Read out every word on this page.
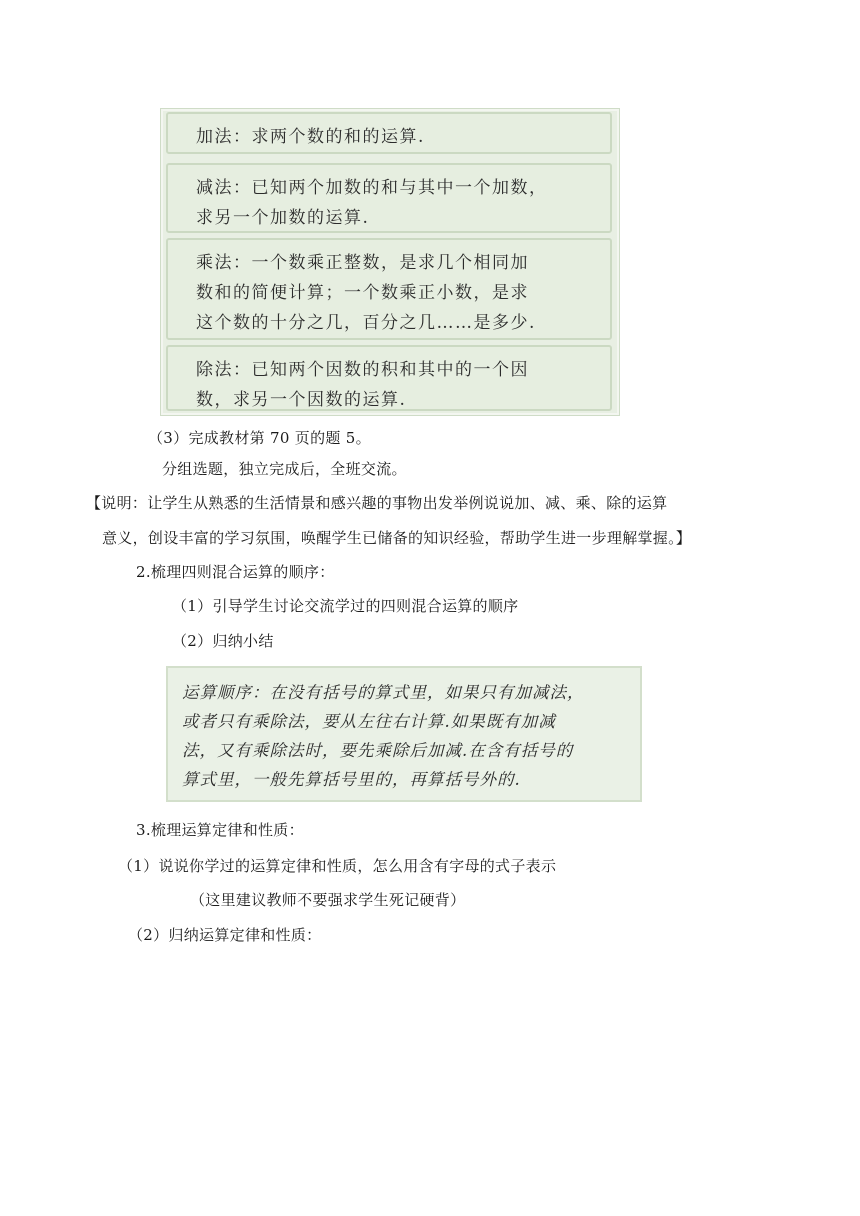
加法：求两个数的和的运算.
减法：已知两个加数的和与其中一个加数，
求另一个加数的运算.
乘法：一个数乘正整数，是求几个相同加
数和的简便计算；一个数乘正小数，是求
这个数的十分之几，百分之几……是多少.
除法：已知两个因数的积和其中的一个因
数，求另一个因数的运算.
（3）完成教材第 70 页的题 5。
分组选题，独立完成后，全班交流。
【说明：让学生从熟悉的生活情景和感兴趣的事物出发举例说说加、减、乘、除的运算
意义，创设丰富的学习氛围，唤醒学生已储备的知识经验，帮助学生进一步理解掌握。】
2.梳理四则混合运算的顺序：
（1）引导学生讨论交流学过的四则混合运算的顺序
（2）归纳小结
运算顺序：在没有括号的算式里，如果只有加减法，
或者只有乘除法，要从左往右计算.如果既有加减
法，又有乘除法时，要先乘除后加减.在含有括号的
算式里，一般先算括号里的，再算括号外的.
3.梳理运算定律和性质：
（1）说说你学过的运算定律和性质，怎么用含有字母的式子表示
（这里建议教师不要强求学生死记硬背）
（2）归纳运算定律和性质：
